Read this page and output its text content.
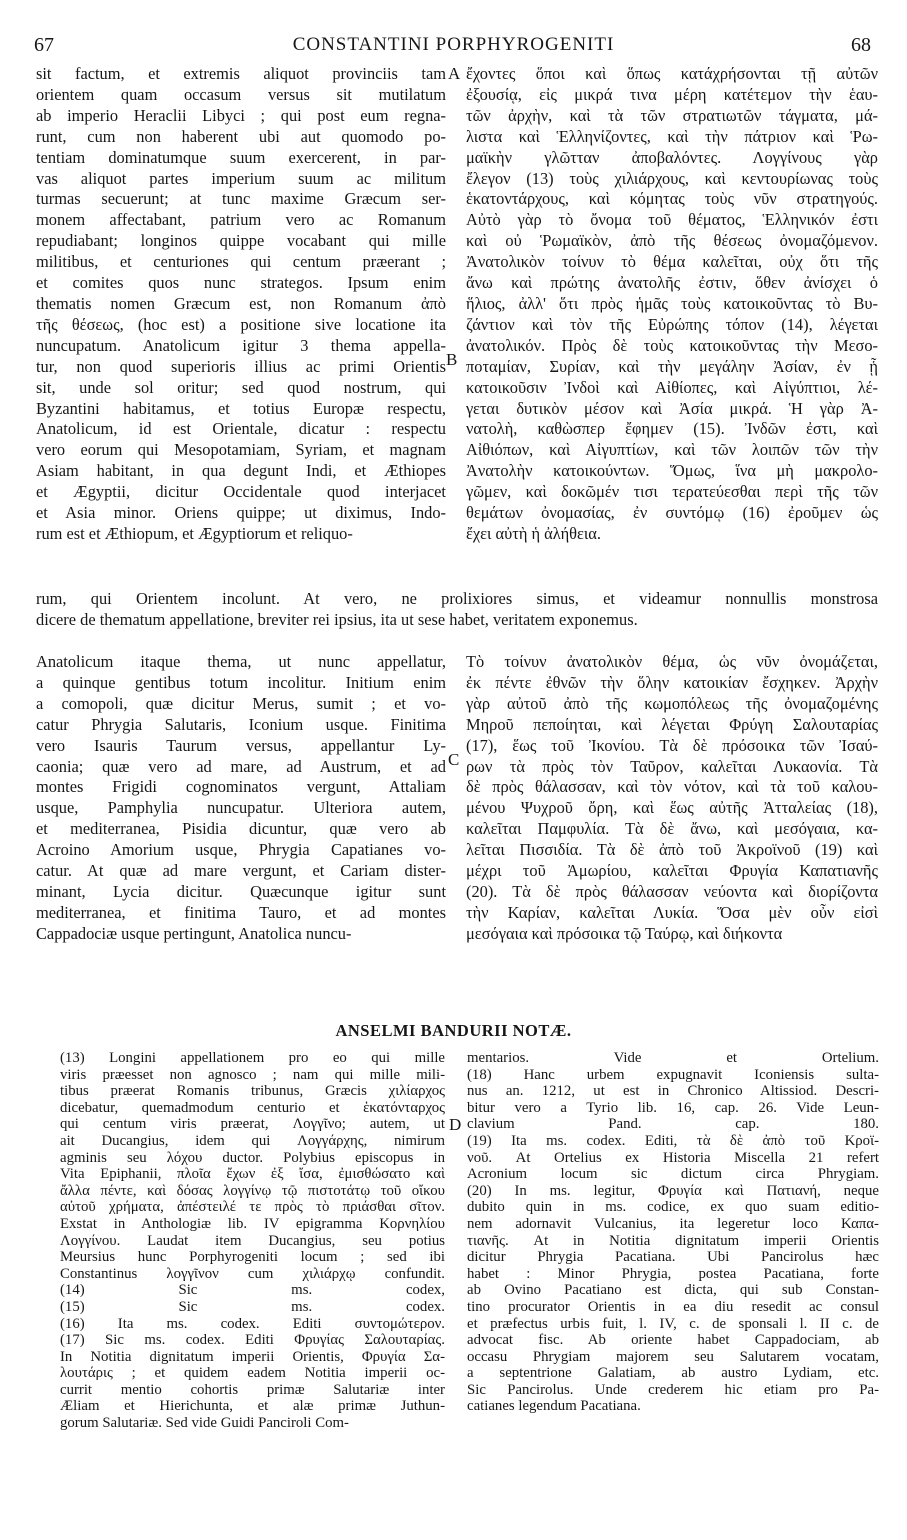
67	CONSTANTINI PORPHYROGENITI	68
sit factum, et extremis aliquot provinciis tam
orientem quam occasum versus sit mutilatum
ab imperio Heraclii Libyci ; qui post eum regna-
runt, cum non haberent ubi aut quomodo po-
tentiam dominatumque suum exercerent, in par-
vas aliquot partes imperium suum ac militum
turmas secuerunt; at tunc maxime Græcum ser-
monem affectabant, patrium vero ac Romanum
repudiabant; longinos quippe vocabant qui mille
militibus, et centuriones qui centum præerant ;
et comites quos nunc strategos. Ipsum enim
thematis nomen Græcum est, non Romanum ἀπὸ
τῆς θέσεως, (hoc est) a positione sive locatione ita
nuncupatum. Anatolicum igitur 3 thema appella-
tur, non quod superioris illius ac primi Orientis
sit, unde sol oritur; sed quod nostrum, qui
Byzantini habitamus, et totius Europæ respectu,
Anatolicum, id est Orientale, dicatur : respectu
vero eorum qui Mesopotamiam, Syriam, et magnam
Asiam habitant, in qua degunt Indi, et Æthiopes
et Ægyptii, dicitur Occidentale quod interjacet
et Asia minor. Oriens quippe; ut diximus, Indo-
rum est et Æthiopum, et Ægyptiorum et reliquo-
ἔχοντες ὅποι καὶ ὅπως κατάχρήσονται τῇ αὐτῶν
ἐξουσίᾳ, εἰς μικρά τινα μέρη κατέτεμον τὴν ἑαυ-
τῶν ἀρχὴν, καὶ τὰ τῶν στρατιωτῶν τάγματα, μά-
λιστα καὶ Ἑλληνίζοντες, καὶ τὴν πάτριον καὶ Ῥω-
μαϊκὴν γλῶτταν ἀποβαλόντες. Λογγίνους γὰρ
ἔλεγον (13) τοὺς χιλιάρχους, καὶ κεντουρίωνας τοὺς
ἑκατοντάρχους, καὶ κόμητας τοὺς νῦν στρατηγούς.
Αὐτὸ γὰρ τὸ ὄνομα τοῦ θέματος, Ἑλληνικόν ἐστι
καὶ οὐ Ῥωμαϊκὸν, ἀπὸ τῆς θέσεως ὀνομαζόμενον.
Ἀνατολικὸν τοίνυν τὸ θέμα καλεῖται, οὐχ ὅτι τῆς
ἄνω καὶ πρώτης ἀνατολῆς ἐστιν, ὅθεν ἀνίσχει ὁ
ἥλιος, ἀλλ' ὅτι πρὸς ἡμᾶς τοὺς κατοικοῦντας τὸ Βυ-
ζάντιον καὶ τὸν τῆς Εὐρώπης τόπον (14), λέγεται
ἀνατολικόν. Πρὸς δὲ τοὺς κατοικοῦντας τὴν Μεσο-
ποταμίαν, Συρίαν, καὶ τὴν μεγάλην Ἀσίαν, ἐν ᾗ
κατοικοῦσιν Ἰνδοὶ καὶ Αἰθίοπες, καὶ Αἰγύπτιοι, λέ-
γεται δυτικὸν μέσον καὶ Ἀσία μικρά. Ἡ γὰρ Ἀ-
νατολὴ, καθὼσπερ ἔφημεν (15). Ἰνδῶν ἐστι, καὶ
Αἰθιόπων, καὶ Αἰγυπτίων, καὶ τῶν λοιπῶν τῶν τὴν
Ἀνατολὴν κατοικούντων. Ὅμως, ἵνα μὴ μακρολο-
γῶμεν, καὶ δοκῶμέν τισι τερατεύεσθαι περὶ τῆς τῶν
θεμάτων ὀνομασίας, ἐν συντόμῳ (16) ἐροῦμεν ὡς
ἔχει αὐτὴ ἡ ἀλήθεια.
A
B
C
D
rum, qui Orientem incolunt. At vero, ne prolixiores simus, et videamur nonnullis monstrosa
dicere de thematum appellatione, breviter rei ipsius, ita ut sese habet, veritatem exponemus.
Anatolicum itaque thema, ut nunc appellatur,
a quinque gentibus totum incolitur. Initium enim
a comopoli, quæ dicitur Merus, sumit ; et vo-
catur Phrygia Salutaris, Iconium usque. Finitima
vero Isauris Taurum versus, appellantur Ly-
caonia; quæ vero ad mare, ad Austrum, et ad
montes Frigidi cognominatos vergunt, Attaliam
usque, Pamphylia nuncupatur. Ulteriora autem,
et mediterranea, Pisidia dicuntur, quæ vero ab
Acroino Amorium usque, Phrygia Capatianes vo-
catur. At quæ ad mare vergunt, et Cariam dister-
minant, Lycia dicitur. Quæcunque igitur sunt
mediterranea, et finitima Tauro, et ad montes
Cappadociæ usque pertingunt, Anatolica nuncu-
Τὸ τοίνυν ἀνατολικὸν θέμα, ὡς νῦν ὀνομάζεται,
ἐκ πέντε ἐθνῶν τὴν ὅλην κατοικίαν ἔσχηκεν. Ἀρχὴν
γὰρ αὐτοῦ ἀπὸ τῆς κωμοπόλεως τῆς ὀνομαζομένης
Μηροῦ πεποίηται, καὶ λέγεται Φρύγη Σαλουταρίας
(17), ἕως τοῦ Ἰκονίου. Τὰ δὲ πρόσοικα τῶν Ἰσαύ-
ρων τὰ πρὸς τὸν Ταῦρον, καλεῖται Λυκαονία. Τὰ
δὲ πρὸς θάλασσαν, καὶ τὸν νότον, καὶ τὰ τοῦ καλου-
μένου Ψυχροῦ ὄρη, καὶ ἕως αὐτῆς Ἀτταλείας (18),
καλεῖται Παμφυλία. Τὰ δὲ ἄνω, καὶ μεσόγαια, κα-
λεῖται Πισσιδία. Τὰ δὲ ἀπὸ τοῦ Ἀκροϊνοῦ (19) καὶ
μέχρι τοῦ Ἀμωρίου, καλεῖται Φρυγία Καπατιανῆς
(20). Τὰ δὲ πρὸς θάλασσαν νεύοντα καὶ διορίζοντα
τὴν Καρίαν, καλεῖται Λυκία. Ὅσα μὲν οὖν εἰσὶ
μεσόγαια καὶ πρόσοικα τῷ Ταύρῳ, καὶ διήκοντα
ANSELMI BANDURII NOTÆ.
(13) Longini appellationem pro eo qui mille
viris præesset non agnosco ; nam qui mille mili-
tibus præerat Romanis tribunus, Græcis χιλίαρχος
dicebatur, quemadmodum centurio et ἑκατόνταρχος
qui centum viris præerat, Λογγῖνο; autem, ut
ait Ducangius, idem qui Λογγάρχης, nimirum
agminis seu λόχου ductor. Polybius episcopus in
Vita Epiphanii, πλοῖα ἔχων ἐξ ἴσα, ἐμισθώσατο καὶ
ἄλλα πέντε, καὶ δόσας λογγίνῳ τῷ πιστοτάτῳ τοῦ οἴκου
αὐτοῦ χρήματα, ἀπέστειλέ τε πρὸς τὸ πριάσθαι σῖτον.
Exstat in Anthologiæ lib. IV epigramma Κορνηλίου
Λογγίνου. Laudat item Ducangius, seu potius
Meursius hunc Porphyrogeniti locum ; sed ibi
Constantinus λογγῖνον cum χιλιάρχῳ confundit.
(14) Sic ms. codex,
(15) Sic ms. codex.
(16) Ita ms. codex. Editi συντομώτερον.
(17) Sic ms. codex. Editi Φρυγίας Σαλουταρίας.
In Notitia dignitatum imperii Orientis, Φρυγία Σα-
λουτάρις ; et quidem eadem Notitia imperii oc-
currit mentio cohortis primæ Salutariæ inter
Æliam et Hierichunta, et alæ primæ Juthun-
gorum Salutariæ. Sed vide Guidi Panciroli Com-
mentarios. Vide et Ortelium.
(18) Hanc urbem expugnavit Iconiensis sulta-
nus an. 1212, ut est in Chronico Altissiod. Descri-
bitur vero a Tyrio lib. 16, cap. 26. Vide Leun-
clavium Pand. cap. 180.
(19) Ita ms. codex. Editi, τὰ δὲ ἀπὸ τοῦ Κροϊ-
νοῦ. At Ortelius ex Historia Miscella 21 refert
Acronium locum sic dictum circa Phrygiam.
(20) In ms. legitur, Φρυγία καὶ Πατιανή, neque
dubito quin in ms. codice, ex quo suam editio-
nem adornavit Vulcanius, ita legeretur loco Καπα-
τιανῆς. At in Notitia dignitatum imperii Orientis
dicitur Phrygia Pacatiana. Ubi Pancirolus hæc
habet : Minor Phrygia, postea Pacatiana, forte
ab Ovino Pacatiano est dicta, qui sub Constan-
tino procurator Orientis in ea diu resedit ac consul
et præfectus urbis fuit, l. IV, c. de sponsali l. II c. de
advocat fisc. Ab oriente habet Cappadociam, ab
occasu Phrygiam majorem seu Salutarem vocatam,
a septentrione Galatiam, ab austro Lydiam, etc.
Sic Pancirolus. Unde crederem hic etiam pro Pa-
catianes legendum Pacatiana.
